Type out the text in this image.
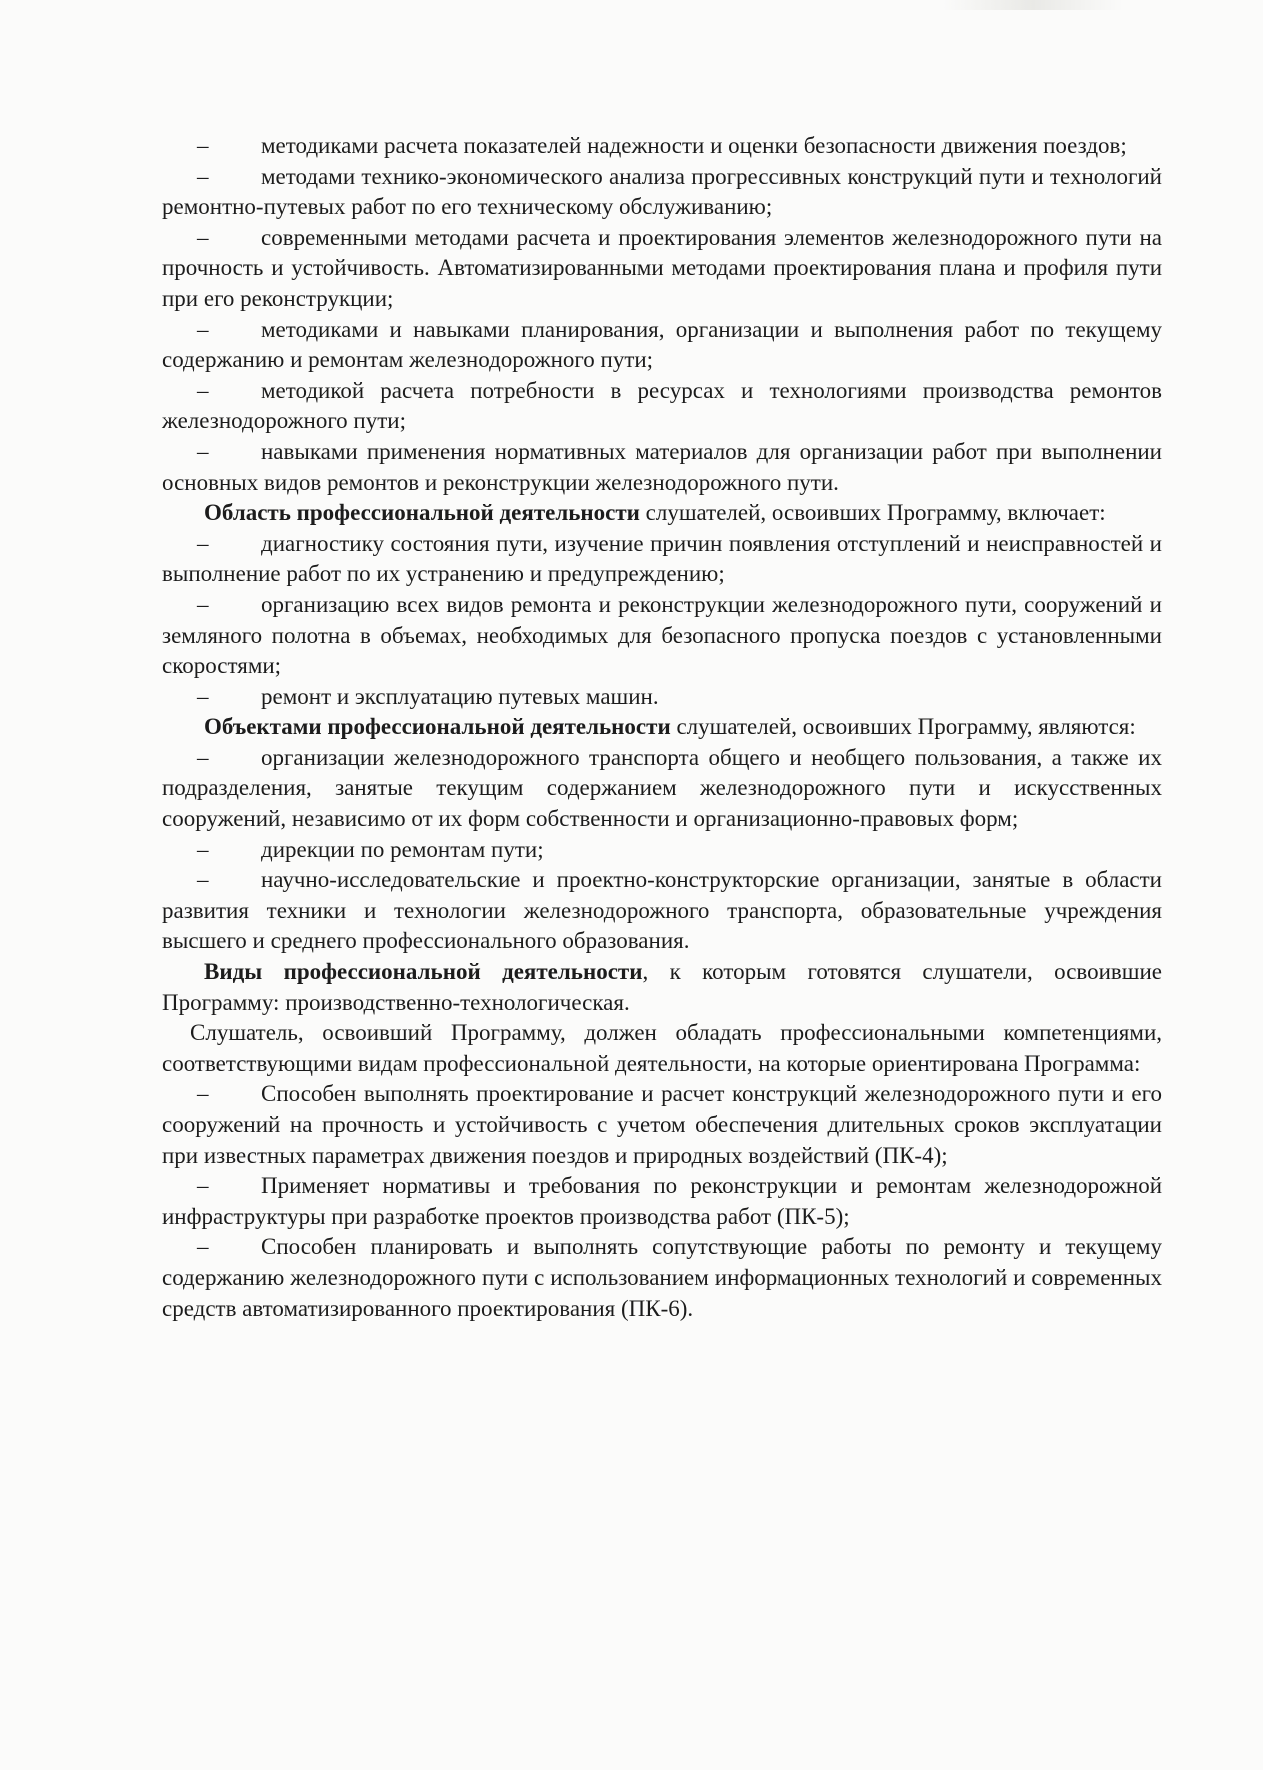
– методиками расчета показателей надежности и оценки безопасности движения поездов;

– методами технико-экономического анализа прогрессивных конструкций пути и технологий ремонтно-путевых работ по его техническому обслуживанию;

– современными методами расчета и проектирования элементов железнодорожного пути на прочность и устойчивость. Автоматизированными методами проектирования плана и профиля пути при его реконструкции;

– методиками и навыками планирования, организации и выполнения работ по текущему содержанию и ремонтам железнодорожного пути;

– методикой расчета потребности в ресурсах и технологиями производства ремонтов железнодорожного пути;

– навыками применения нормативных материалов для организации работ при выполнении основных видов ремонтов и реконструкции железнодорожного пути.

Область профессиональной деятельности слушателей, освоивших Программу, включает:

– диагностику состояния пути, изучение причин появления отступлений и неисправностей и выполнение работ по их устранению и предупреждению;

– организацию всех видов ремонта и реконструкции железнодорожного пути, сооружений и земляного полотна в объемах, необходимых для безопасного пропуска поездов с установленными скоростями;

– ремонт и эксплуатацию путевых машин.

Объектами профессиональной деятельности слушателей, освоивших Программу, являются:

– организации железнодорожного транспорта общего и необщего пользования, а также их подразделения, занятые текущим содержанием железнодорожного пути и искусственных сооружений, независимо от их форм собственности и организационно-правовых форм;

– дирекции по ремонтам пути;

– научно-исследовательские и проектно-конструкторские организации, занятые в области развития техники и технологии железнодорожного транспорта, образовательные учреждения высшего и среднего профессионального образования.

Виды профессиональной деятельности, к которым готовятся слушатели, освоившие Программу: производственно-технологическая.

Слушатель, освоивший Программу, должен обладать профессиональными компетенциями, соответствующими видам профессиональной деятельности, на которые ориентирована Программа:

– Способен выполнять проектирование и расчет конструкций железнодорожного пути и его сооружений на прочность и устойчивость с учетом обеспечения длительных сроков эксплуатации при известных параметрах движения поездов и природных воздействий (ПК-4);

– Применяет нормативы и требования по реконструкции и ремонтам железнодорожной инфраструктуры при разработке проектов производства работ (ПК-5);

– Способен планировать и выполнять сопутствующие работы по ремонту и текущему содержанию железнодорожного пути с использованием информационных технологий и современных средств автоматизированного проектирования (ПК-6).
